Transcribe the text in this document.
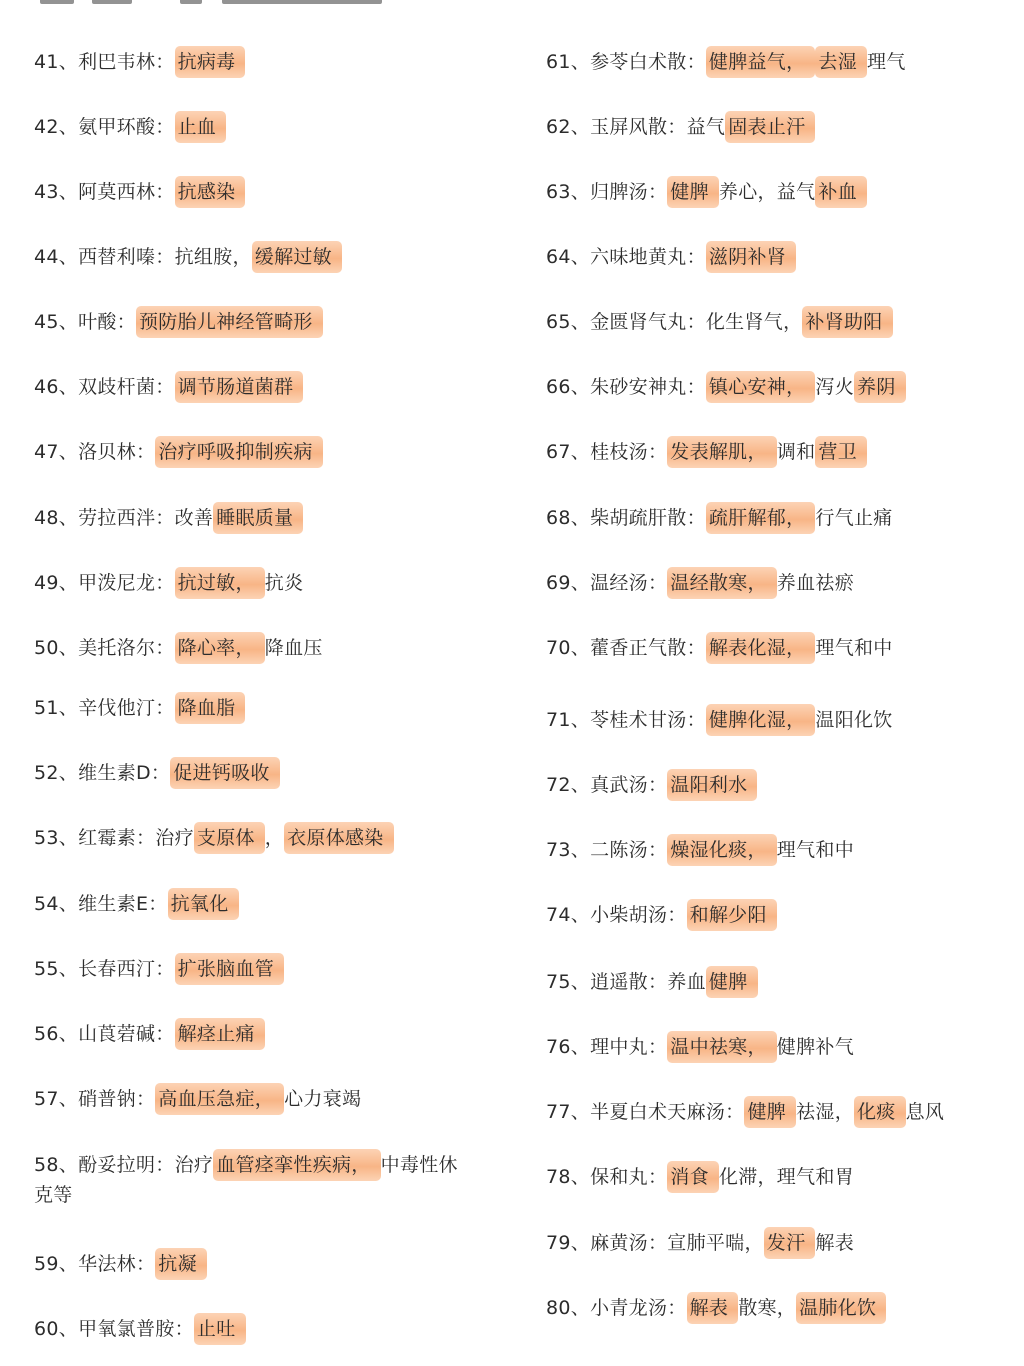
41、利巴韦林： 抗病毒
42、氨甲环酸： 止血
43、阿莫西林： 抗感染
44、西替利嗪：抗组胺， 缓解过敏
45、叶酸： 预防胎儿神经管畸形
46、双歧杆菌： 调节肠道菌群
47、洛贝林： 治疗呼吸抑制疾病
48、劳拉西泮：改善 睡眠质量
49、甲泼尼龙： 抗过敏， 抗炎
50、美托洛尔： 降心率， 降血压
51、辛伐他汀： 降血脂
52、维生素D： 促进钙吸收
53、红霉素：治疗 支原体 ， 衣原体感染
54、维生素E： 抗氧化
55、长春西汀： 扩张脑血管
56、山莨菪碱： 解痉止痛
57、硝普钠： 高血压急症， 心力衰竭
58、酚妥拉明：治疗 血管痉挛性疾病， 中毒性休克等
59、华法林： 抗凝
60、甲氧氯普胺： 止吐
61、参苓白术散： 健脾益气， 去湿 理气
62、玉屏风散：益气 固表止汗
63、归脾汤： 健脾 养心，益气 补血
64、六味地黄丸： 滋阴补肾
65、金匮肾气丸：化生肾气， 补肾助阳
66、朱砂安神丸： 镇心安神， 泻火 养阴
67、桂枝汤： 发表解肌， 调和 营卫
68、柴胡疏肝散： 疏肝解郁， 行气止痛
69、温经汤： 温经散寒， 养血祛瘀
70、藿香正气散： 解表化湿， 理气和中
71、苓桂术甘汤： 健脾化湿， 温阳化饮
72、真武汤： 温阳利水
73、二陈汤： 燥湿化痰， 理气和中
74、小柴胡汤： 和解少阳
75、逍遥散：养血 健脾
76、理中丸： 温中祛寒， 健脾补气
77、半夏白术天麻汤： 健脾 祛湿， 化痰 息风
78、保和丸： 消食 化滞，理气和胃
79、麻黄汤：宣肺平喘， 发汗 解表
80、小青龙汤： 解表 散寒， 温肺化饮
